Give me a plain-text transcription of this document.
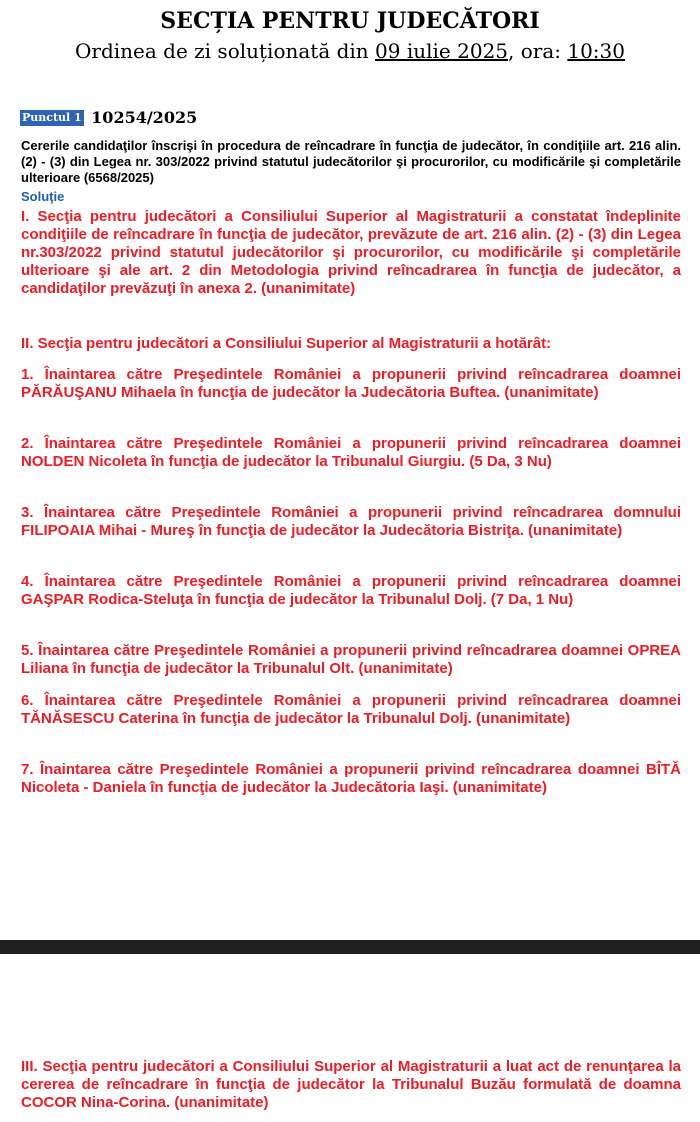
SECȚIA PENTRU JUDECĂTORI
Ordinea de zi soluționată din 09 iulie 2025, ora: 10:30
Punctul 1 10254/2025
Cererile candidaţilor înscrişi în procedura de reîncadrare în funcţia de judecător, în condiţiile art. 216 alin. (2) - (3) din Legea nr. 303/2022 privind statutul judecătorilor şi procurorilor, cu modificările şi completările ulterioare (6568/2025)
Soluţie

I. Secţia pentru judecători a Consiliului Superior al Magistraturii a constatat îndeplinite condiţiile de reîncadrare în funcţia de judecător, prevăzute de art. 216 alin. (2) - (3) din Legea nr.303/2022 privind statutul judecătorilor şi procurorilor, cu modificările şi completările ulterioare şi ale art. 2 din Metodologia privind reîncadrarea în funcţia de judecător, a candidaţilor prevăzuţi în anexa 2. (unanimitate)

II. Secţia pentru judecători a Consiliului Superior al Magistraturii a hotărât:

1. Înaintarea către Preşedintele României a propunerii privind reîncadrarea doamnei PĂRĂUŞANU Mihaela în funcţia de judecător la Judecătoria Buftea. (unanimitate)

2. Înaintarea către Preşedintele României a propunerii privind reîncadrarea doamnei NOLDEN Nicoleta în funcţia de judecător la Tribunalul Giurgiu. (5 Da, 3 Nu)

3. Înaintarea către Preşedintele României a propunerii privind reîncadrarea domnului FILIPOAIA Mihai - Mureş în funcţia de judecător la Judecătoria Bistriţa. (unanimitate)

4. Înaintarea către Preşedintele României a propunerii privind reîncadrarea doamnei GAŞPAR Rodica-Steluţa în funcţia de judecător la Tribunalul Dolj. (7 Da, 1 Nu)

5. Înaintarea către Preşedintele României a propunerii privind reîncadrarea doamnei OPREA Liliana în funcţia de judecător la Tribunalul Olt. (unanimitate)

6. Înaintarea către Preşedintele României a propunerii privind reîncadrarea doamnei TĂNĂSESCU Caterina în funcţia de judecător la Tribunalul Dolj. (unanimitate)

7. Înaintarea către Preşedintele României a propunerii privind reîncadrarea doamnei BÎTĂ Nicoleta - Daniela în funcţia de judecător la Judecătoria Iaşi. (unanimitate)

III. Secţia pentru judecători a Consiliului Superior al Magistraturii a luat act de renunţarea la cererea de reîncadrare în funcţia de judecător la Tribunalul Buzău formulată de doamna COCOR Nina-Corina. (unanimitate)
